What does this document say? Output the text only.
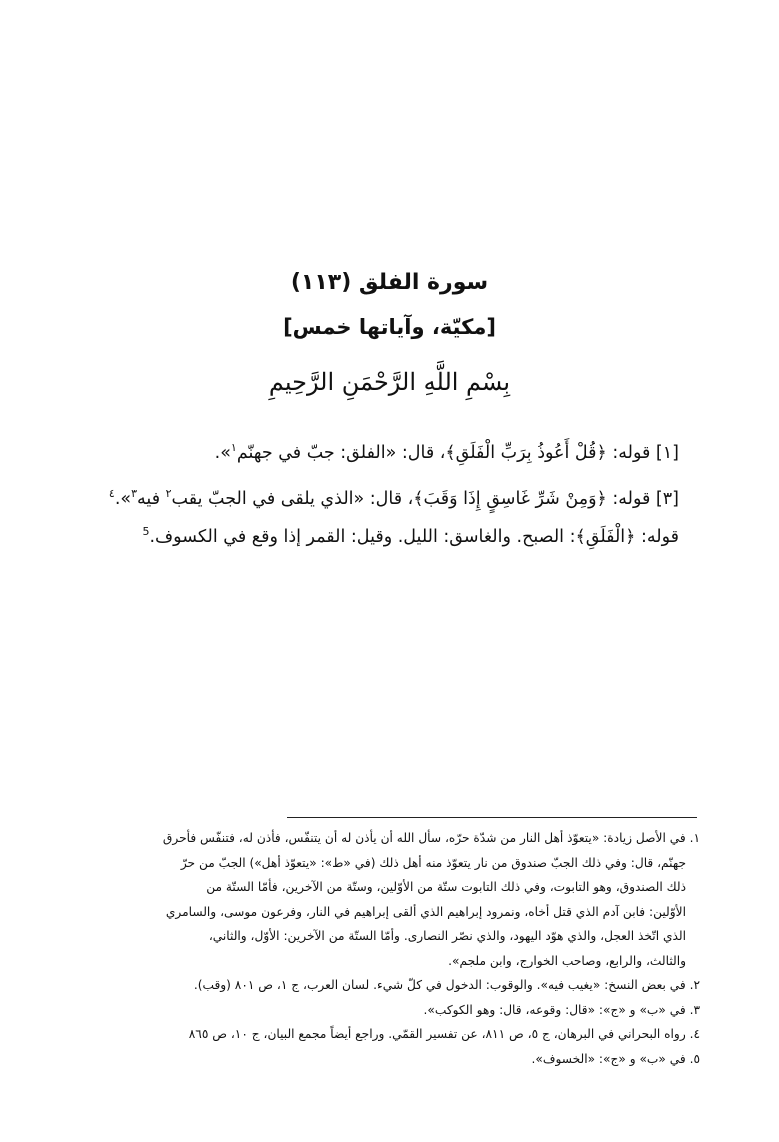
سورة الفلق (١١٣)
[مكيّة، وآياتها خمس]
بِسْمِ اللَّهِ الرَّحْمَنِ الرَّحِيمِ
[١] قوله: ﴿قُلْ أَعُوذُ بِرَبِّ الْفَلَقِ﴾، قال: «الفلق: جبّ في جهنّم$^١$».
[٣] قوله: ﴿وَمِنْ شَرِّ غَاسِقٍ إِذَا وَقَبَ﴾، قال: «الذي يلقى في الجبّ يقب$^٢$ فيه$^٣$».$^٤$
قوله: ﴿الْفَلَقِ﴾: الصبح. والغاسق: الليل. وقيل: القمر إذا وقع في الكسوف.$^5$
١. في الأصل زيادة: «يتعوّذ أهل النار من شدّة حرّه، سأل الله أن يأذن له أن يتنفّس، فأذن له، فتنفّس فأحرق
جهنّم، قال: وفي ذلك الجبّ صندوق من نار يتعوّذ منه أهل ذلك (في «ط»: «يتعوّذ أهل») الجبّ من حرّ
ذلك الصندوق، وهو التابوت، وفي ذلك التابوت ستّة من الأوّلين، وستّة من الآخرين، فأمّا الستّة من
الأوّلين: فابن آدم الذي قتل أخاه، ونمرود إبراهيم الذي ألقى إبراهيم في النار، وفرعون موسى، والسامري
الذي اتّخذ العجل، والذي هوّد اليهود، والذي نصّر النصارى. وأمّا الستّة من الآخرين: الأوّل، والثاني،
والثالث، والرابع، وصاحب الخوارج، وابن ملجم».
٢. في بعض النسخ: «يغيب فيه». والوقوب: الدخول في كلّ شيء. لسان العرب، ج ١، ص ٨٠١ (وقب).
٣. في «ب» و «ج»: «قال: وقوعه، قال: وهو الكوكب».
٤. رواه البحراني في البرهان، ج ٥، ص ٨١١، عن تفسير القمّي. وراجع أيضاً مجمع البيان، ج ١٠، ص ٨٦٥
٥. في «ب» و «ج»: «الخسوف».
